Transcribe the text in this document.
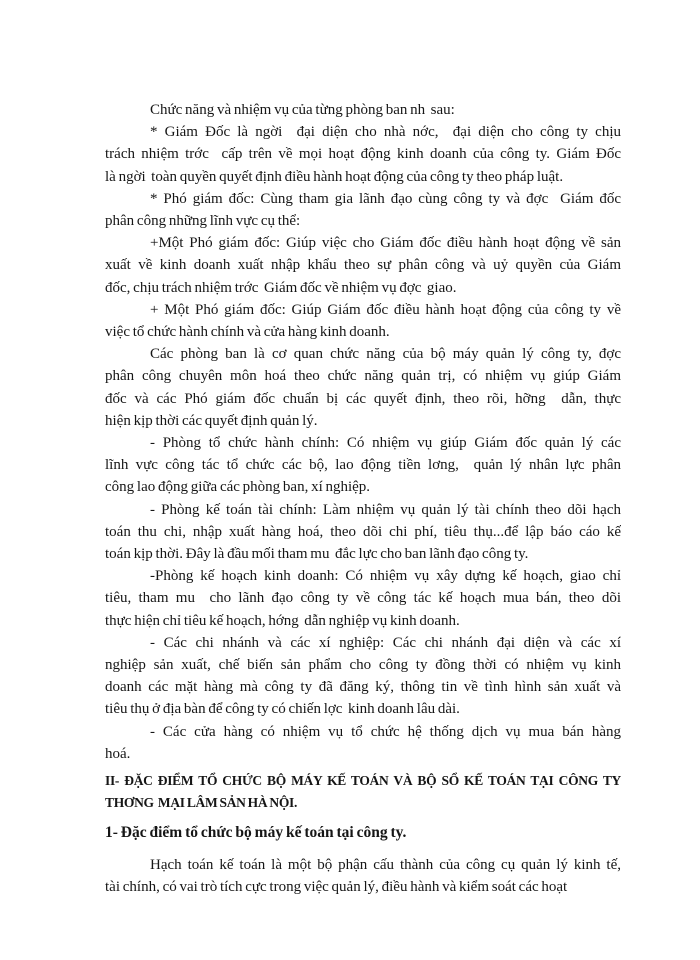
Chức năng và nhiệm vụ của từng phòng ban nh  sau:
* Giám Đốc là ngời  đại diện cho nhà nớc,  đại diện cho công ty chịu
trách nhiệm trớc  cấp trên về mọi hoạt động kinh doanh của công ty. Giám Đốc
là ngời  toàn quyền quyết định điều hành hoạt động của công ty theo pháp luật.
* Phó giám đốc: Cùng tham gia lãnh đạo cùng công ty và đợc  Giám đốc
phân công những lĩnh vực cụ thể:
+Một Phó giám đốc: Giúp việc cho Giám đốc điều hành hoạt động về sản
xuất về kinh doanh xuất nhập khẩu theo sự phân công và uỷ quyền của Giám
đốc, chịu trách nhiệm trớc  Giám đốc về nhiệm vụ đợc  giao.
+ Một Phó giám đốc: Giúp Giám đốc điều hành hoạt động của công ty về
việc tổ chức hành chính và cửa hàng kinh doanh.
Các phòng ban là cơ quan chức năng của bộ máy quản lý công ty, đợc
phân công chuyên môn hoá theo chức năng quản trị, có nhiệm vụ giúp Giám
đốc và các Phó giám đốc chuẩn bị các quyết định, theo rõi, hỡng  dẫn, thực
hiện kịp thời các quyết định quản lý.
- Phòng tổ chức hành chính: Có nhiệm vụ giúp Giám đốc quản lý các
lĩnh vực công tác tổ chức các bộ, lao động tiền lơng,  quản lý nhân lực phân
công lao động giữa các phòng ban, xí nghiệp.
- Phòng kế toán tài chính: Làm nhiệm vụ quản lý tài chính theo dõi hạch
toán thu chi, nhập xuất hàng hoá, theo dõi chi phí, tiêu thụ...để lập báo cáo kế
toán kịp thời. Đây là đầu mối tham mu  đắc lực cho ban lãnh đạo công ty.
-Phòng kế hoạch kinh doanh: Có nhiệm vụ xây dựng kế hoạch, giao chỉ
tiêu, tham mu  cho lãnh đạo công ty về công tác kế hoạch mua bán, theo dõi
thực hiện chỉ tiêu kế hoạch, hớng  dẫn nghiệp vụ kinh doanh.
- Các chi nhánh và các xí nghiệp: Các chi nhánh đại diện và các xí
nghiệp sản xuất, chế biến sản phẩm cho công ty đồng thời có nhiệm vụ kinh
doanh các mặt hàng mà công ty đã đăng ký, thông tin về tình hình sản xuất và
tiêu thụ ở địa bàn để công ty có chiến lợc  kinh doanh lâu dài.
- Các cửa hàng có nhiệm vụ tổ chức hệ thống dịch vụ mua bán hàng
hoá.
II- ĐẶC ĐIỂM TỔ CHỨC BỘ MÁY KẾ TOÁN VÀ BỘ SỔ KẾ TOÁN TẠI CÔNG TY
THƠNG  MẠI LÂM SẢN HÀ NỘI.
1- Đặc điểm tổ chức bộ máy kế toán tại công ty.
Hạch toán kế toán là một bộ phận cấu thành của công cụ quản lý kinh tế,
tài chính, có vai trò tích cực trong việc quản lý, điều hành và kiểm soát các hoạt
